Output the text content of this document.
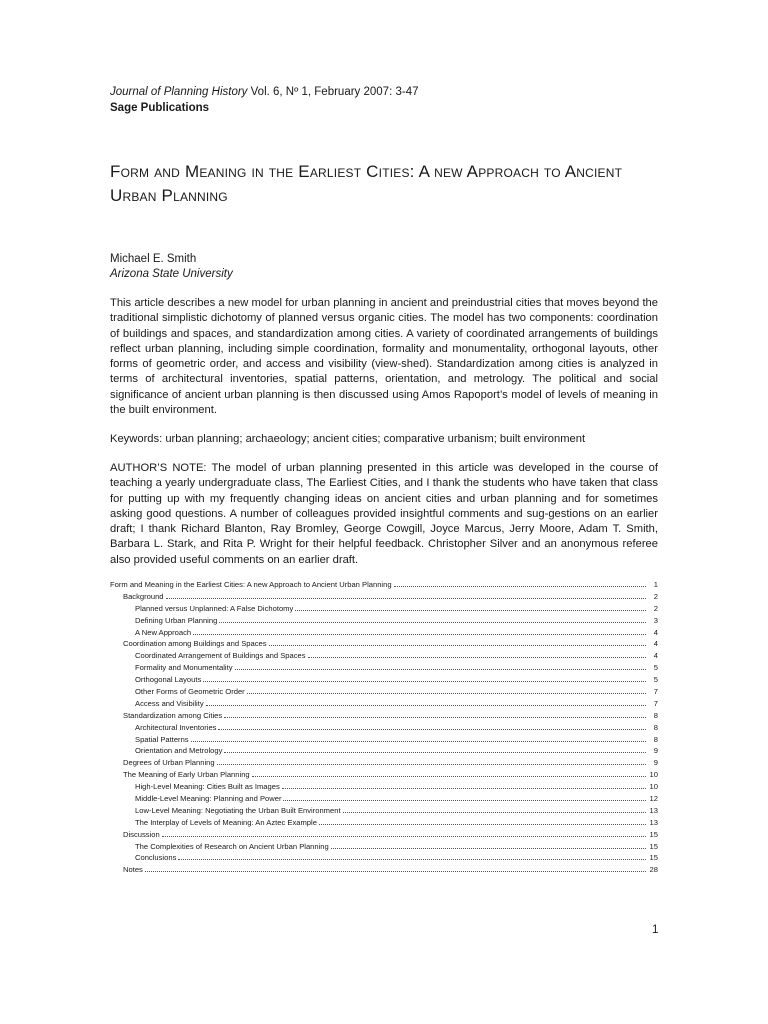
Journal of Planning History Vol. 6, Nº 1, February 2007: 3-47
Sage Publications
Form and Meaning in the Earliest Cities: A new Approach to Ancient Urban Planning
Michael E. Smith
Arizona State University

This article describes a new model for urban planning in ancient and preindustrial cities that moves beyond the traditional simplistic dichotomy of planned versus organic cities. The model has two components: coordination of buildings and spaces, and standardization among cities. A variety of coordinated arrangements of buildings reflect urban planning, including simple coordination, formality and monumentality, orthogonal layouts, other forms of geometric order, and access and visibility (view-shed). Standardization among cities is analyzed in terms of architectural inventories, spatial patterns, orientation, and metrology. The political and social significance of ancient urban planning is then discussed using Amos Rapoport’s model of levels of meaning in the built environment.

Keywords: urban planning; archaeology; ancient cities; comparative urbanism; built environment

AUTHOR’S NOTE: The model of urban planning presented in this article was developed in the course of teaching a yearly undergraduate class, The Earliest Cities, and I thank the students who have taken that class for putting up with my frequently changing ideas on ancient cities and urban planning and for sometimes asking good questions. A number of colleagues provided insightful comments and sug-gestions on an earlier draft; I thank Richard Blanton, Ray Bromley, George Cowgill, Joyce Marcus, Jerry Moore, Adam T. Smith, Barbara L. Stark, and Rita P. Wright for their helpful feedback. Christopher Silver and an anonymous referee also provided useful comments on an earlier draft.

Form and Meaning in the Earliest Cities: A new Approach to Ancient Urban Planning	1
Background	2
Planned versus Unplanned: A False Dichotomy	2
Defining Urban Planning	3
A New Approach	4
Coordination among Buildings and Spaces	4
Coordinated Arrangement of Buildings and Spaces	4
Formality and Monumentality	5
Orthogonal Layouts	5
Other Forms of Geometric Order	7
Access and Visibility	7
Standardization among Cities	8
Architectural Inventories	8
Spatial Patterns	8
Orientation and Metrology	9
Degrees of Urban Planning	9
The Meaning of Early Urban Planning	10
High-Level Meaning: Cities Built as Images	10
Middle-Level Meaning: Planning and Power	12
Low-Level Meaning: Negotiating the Urban Built Environment	13
The Interplay of Levels of Meaning: An Aztec Example	13
Discussion	15
The Complexities of Research on Ancient Urban Planning	15
Conclusions	15
Notes	28
1
